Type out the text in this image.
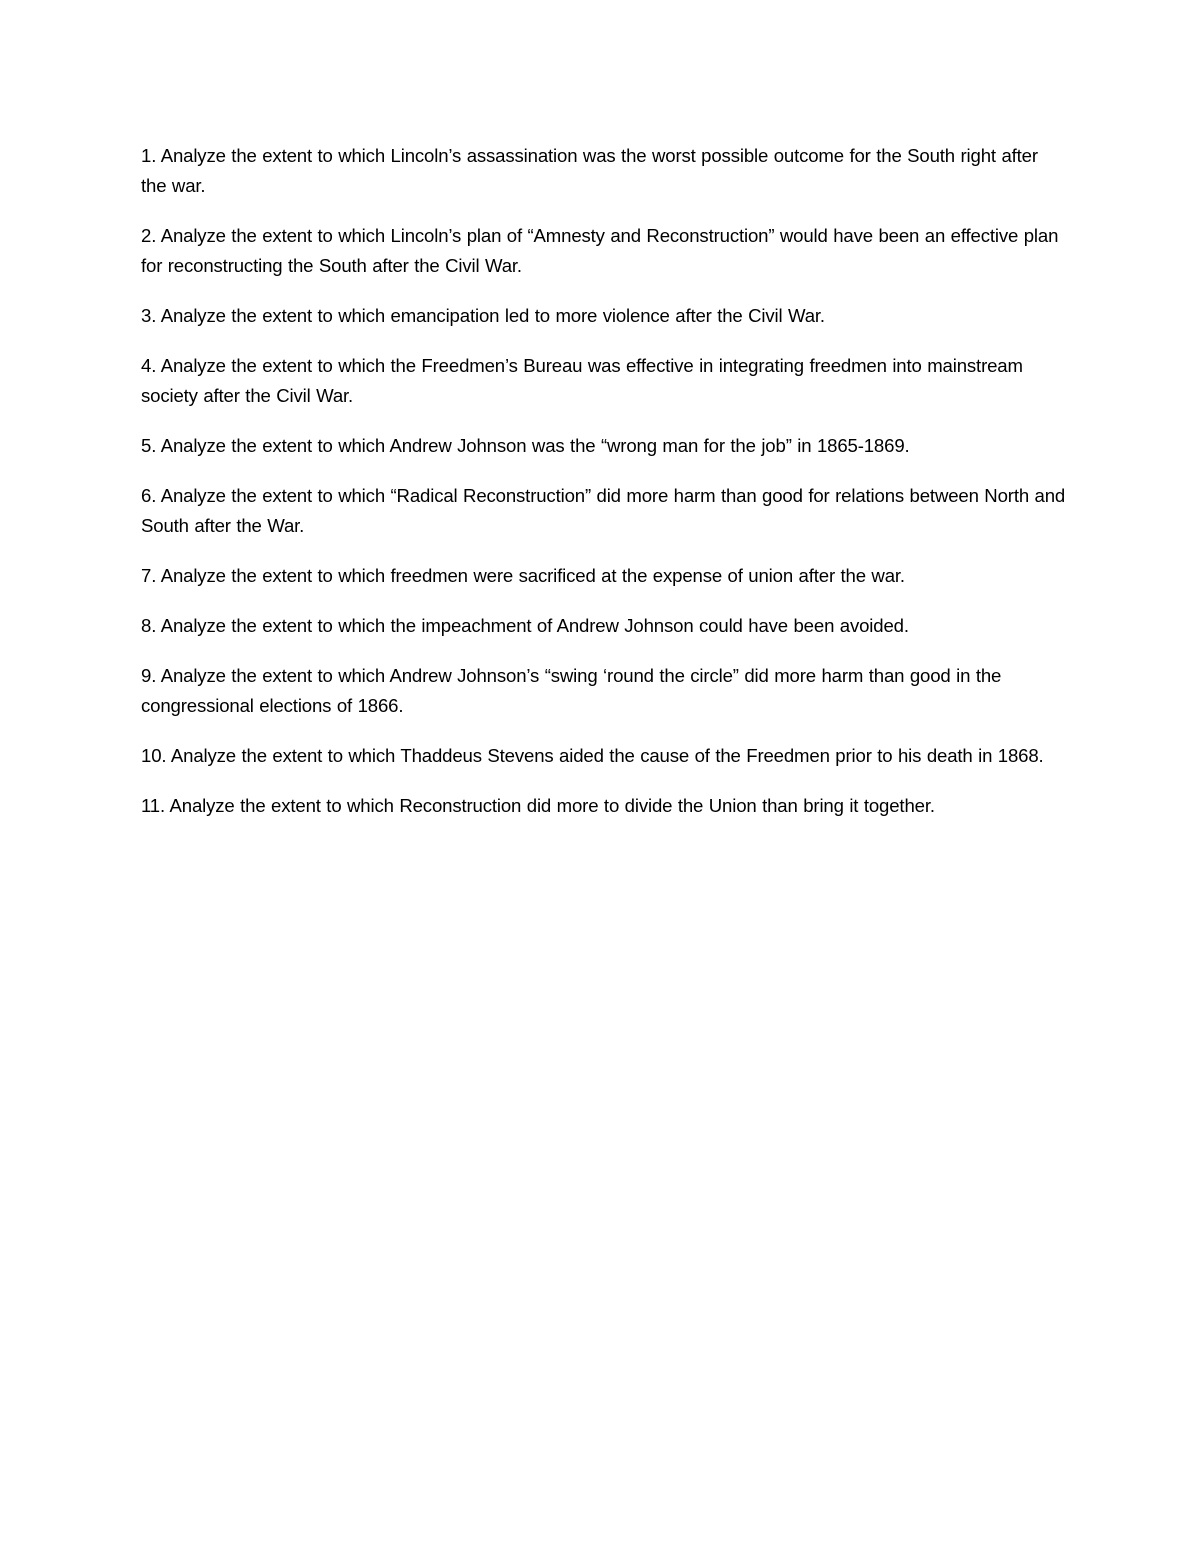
1. Analyze the extent to which Lincoln’s assassination was the worst possible outcome for the South right after the war.
2. Analyze the extent to which Lincoln’s plan of “Amnesty and Reconstruction” would have been an effective plan for reconstructing the South after the Civil War.
3. Analyze the extent to which emancipation led to more violence after the Civil War.
4. Analyze the extent to which the Freedmen’s Bureau was effective in integrating freedmen into mainstream society after the Civil War.
5. Analyze the extent to which Andrew Johnson was the “wrong man for the job” in 1865-1869.
6. Analyze the extent to which “Radical Reconstruction” did more harm than good for relations between North and South after the War.
7. Analyze the extent to which freedmen were sacrificed at the expense of union after the war.
8. Analyze the extent to which the impeachment of Andrew Johnson could have been avoided.
9. Analyze the extent to which Andrew Johnson’s “swing ‘round the circle” did more harm than good in the congressional elections of 1866.
10. Analyze the extent to which Thaddeus Stevens aided the cause of the Freedmen prior to his death in 1868.
11. Analyze the extent to which Reconstruction did more to divide the Union than bring it together.
